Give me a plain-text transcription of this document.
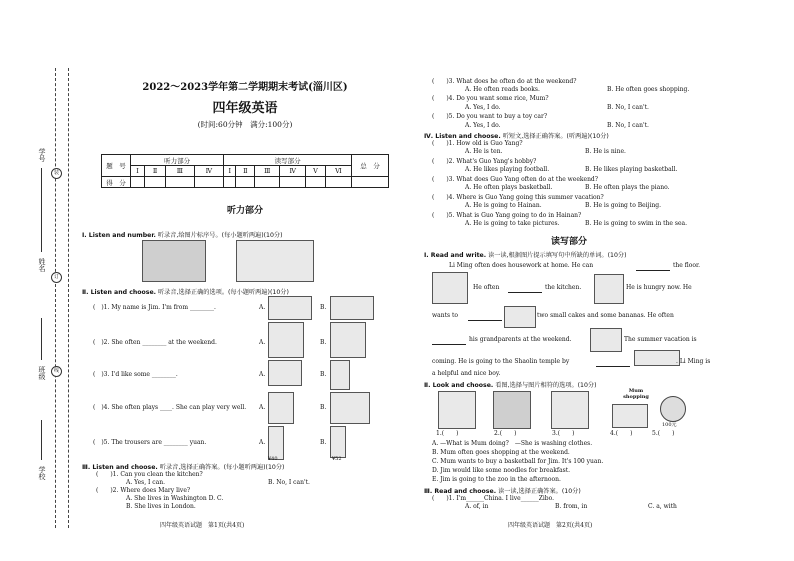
学校
班级
姓名
学号
装
订
线
2022～2023学年第二学期期末考试(淄川区)
四年级英语
(时间:60分钟　满分:100分)
题　号	听力部分				读写部分						总　分
	Ⅰ	Ⅱ	Ⅲ	Ⅳ	Ⅰ	Ⅱ	Ⅲ	Ⅳ	Ⅴ	Ⅵ	
得　分											
听力部分
Ⅰ. Listen and number. 听录音,给图片标序号。(每小题听两遍)(10分)
Ⅱ. Listen and choose. 听录音,选择正确的选项。(每小题听两遍)(10分)
(　)1. My name is Jim. I'm from ________.	A.	B.
(　)2. She often ________ at the weekend.	A.	B.
(　)3. I'd like some ________.	A.	B.
(　)4. She often plays ____. She can play very well. A.	B.
(　)5. The trousers are ________ yuan.	A.
¥40
B.
¥52
Ⅲ. Listen and choose. 听录音,选择正确答案。(每小题听两遍)(10分)
(　　)1. Can you clean the kitchen?
A. Yes, I can.	B. No, I can't.
(　　)2. Where does Mary live?
A. She lives in Washington D. C.
B. She lives in London.
四年级英语试题　第1页(共4页)
(　　)3. What does he often do at the weekend?
A. He often reads books.	B. He often goes shopping.
(　　)4. Do you want some rice, Mum?
A. Yes, I do.	B. No, I can't.
(　　)5. Do you want to buy a toy car?
A. Yes, I do.	B. No, I can't.
Ⅳ. Listen and choose. 听短文,选择正确答案。(听两遍)(10分)
(　　)1. How old is Guo Yang?
A. He is ten.	B. He is nine.
(　　)2. What's Guo Yang's hobby?
A. He likes playing football.	B. He likes playing basketball.
(　　)3. What does Guo Yang often do at the weekend?
A. He often plays basketball.	B. He often plays the piano.
(　　)4. Where is Guo Yang going this summer vacation?
A. He is going to Hainan.	B. He is going to Beijing.
(　　)5. What is Guo Yang going to do in Hainan?
A. He is going to take pictures.	B. He is going to swim in the sea.
读写部分
Ⅰ. Read and write. 读一读,根据图片提示填写句中所缺的单词。(10分)
Li Ming often does housework at home. He can	the floor.
He often	the kitchen.	He is hungry now. He
wants to	two small cakes and some bananas. He often
his grandparents at the weekend.	The summer vacation is
coming. He is going to the Shaolin temple by	. Li Ming is
a helpful and nice boy.
Ⅱ. Look and choose. 看图,选择与图片相符的选项。(10分)
Mum shopping
100元
1.(　　)	2.(　　)	3.(　　)	4.(　　)	5.(　　)
A. —What is Mum doing?　—She is washing clothes.
B. Mum often goes shopping at the weekend.
C. Mum wants to buy a basketball for Jim. It's 100 yuan.
D. Jim would like some noodles for breakfast.
E. Jim is going to the zoo in the afternoon.
Ⅲ. Read and choose. 读一读,选择正确答案。(10分)
(　　)1. I'm______China. I live______Zibo.
A. of, in	B. from, in	C. a, with
四年级英语试题　第2页(共4页)
